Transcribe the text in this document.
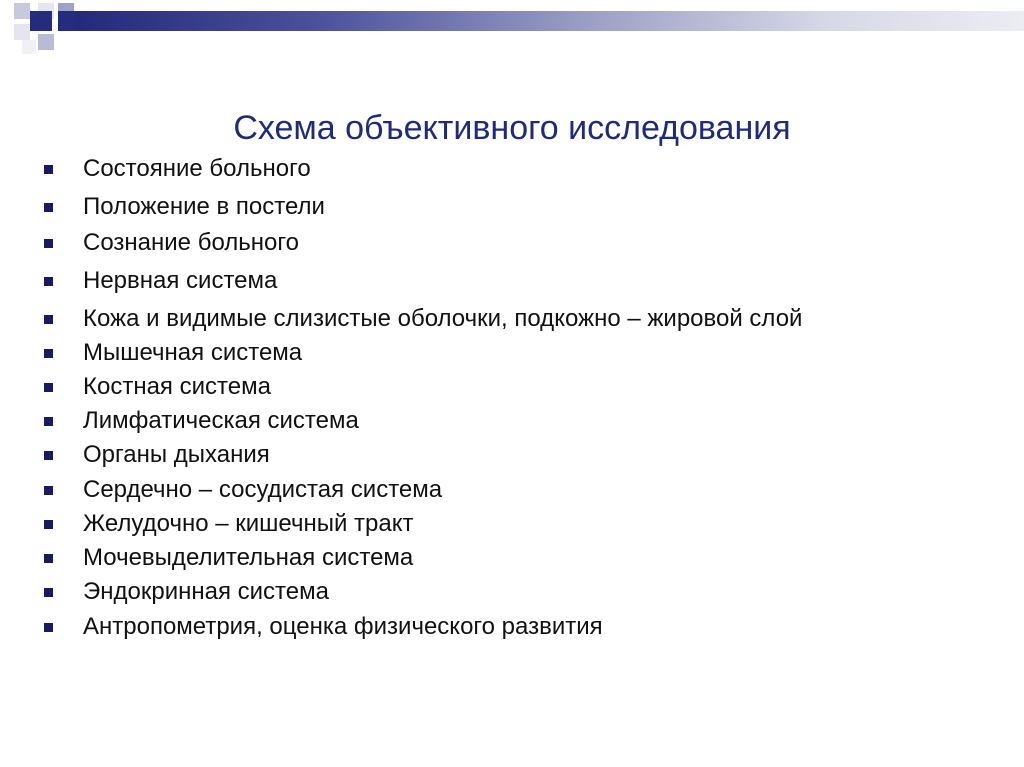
Схема объективного исследования
Состояние больного
Положение в постели
Сознание больного
Нервная система
Кожа и видимые слизистые оболочки, подкожно – жировой слой
Мышечная система
Костная система
Лимфатическая система
Органы дыхания
Сердечно – сосудистая система
Желудочно – кишечный тракт
Мочевыделительная система
Эндокринная система
Антропометрия, оценка физического развития
